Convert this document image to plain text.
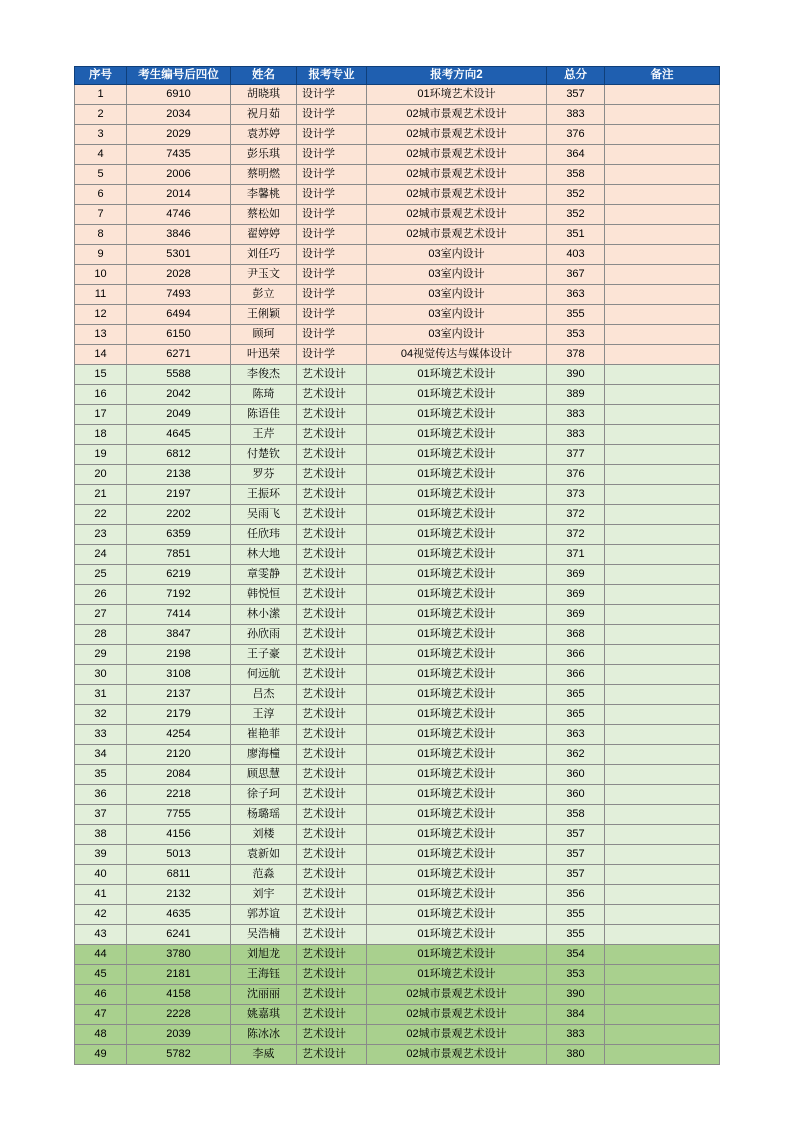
序号	考生编号后四位	姓名	报考专业	报考方向2	总分	备注
1	6910	胡晓琪	设计学	01环境艺术设计	357	
2	2034	祝月茹	设计学	02城市景观艺术设计	383	
3	2029	袁苏婷	设计学	02城市景观艺术设计	376	
4	7435	彭乐琪	设计学	02城市景观艺术设计	364	
5	2006	蔡明燃	设计学	02城市景观艺术设计	358	
6	2014	李馨桃	设计学	02城市景观艺术设计	352	
7	4746	蔡松如	设计学	02城市景观艺术设计	352	
8	3846	翟婷婷	设计学	02城市景观艺术设计	351	
9	5301	刘任巧	设计学	03室内设计	403	
10	2028	尹玉文	设计学	03室内设计	367	
11	7493	彭立	设计学	03室内设计	363	
12	6494	王俐颖	设计学	03室内设计	355	
13	6150	顾珂	设计学	03室内设计	353	
14	6271	叶迅荣	设计学	04视觉传达与媒体设计	378	
15	5588	李俊杰	艺术设计	01环境艺术设计	390	
16	2042	陈琦	艺术设计	01环境艺术设计	389	
17	2049	陈语佳	艺术设计	01环境艺术设计	383	
18	4645	王芹	艺术设计	01环境艺术设计	383	
19	6812	付楚钦	艺术设计	01环境艺术设计	377	
20	2138	罗芬	艺术设计	01环境艺术设计	376	
21	2197	王振环	艺术设计	01环境艺术设计	373	
22	2202	吴雨飞	艺术设计	01环境艺术设计	372	
23	6359	任欣玮	艺术设计	01环境艺术设计	372	
24	7851	林大地	艺术设计	01环境艺术设计	371	
25	6219	章雯静	艺术设计	01环境艺术设计	369	
26	7192	韩悦恒	艺术设计	01环境艺术设计	369	
27	7414	林小潆	艺术设计	01环境艺术设计	369	
28	3847	孙欣雨	艺术设计	01环境艺术设计	368	
29	2198	王子豪	艺术设计	01环境艺术设计	366	
30	3108	何远航	艺术设计	01环境艺术设计	366	
31	2137	吕杰	艺术设计	01环境艺术设计	365	
32	2179	王淳	艺术设计	01环境艺术设计	365	
33	4254	崔艳菲	艺术设计	01环境艺术设计	363	
34	2120	廖海橦	艺术设计	01环境艺术设计	362	
35	2084	顾思慧	艺术设计	01环境艺术设计	360	
36	2218	徐子珂	艺术设计	01环境艺术设计	360	
37	7755	杨璐瑶	艺术设计	01环境艺术设计	358	
38	4156	刘楼	艺术设计	01环境艺术设计	357	
39	5013	袁新如	艺术设计	01环境艺术设计	357	
40	6811	范淼	艺术设计	01环境艺术设计	357	
41	2132	刘宇	艺术设计	01环境艺术设计	356	
42	4635	郭苏谊	艺术设计	01环境艺术设计	355	
43	6241	吴浩楠	艺术设计	01环境艺术设计	355	
44	3780	刘旭龙	艺术设计	01环境艺术设计	354	
45	2181	王海钰	艺术设计	01环境艺术设计	353	
46	4158	沈丽丽	艺术设计	02城市景观艺术设计	390	
47	2228	姚嘉琪	艺术设计	02城市景观艺术设计	384	
48	2039	陈冰冰	艺术设计	02城市景观艺术设计	383	
49	5782	李威	艺术设计	02城市景观艺术设计	380	
